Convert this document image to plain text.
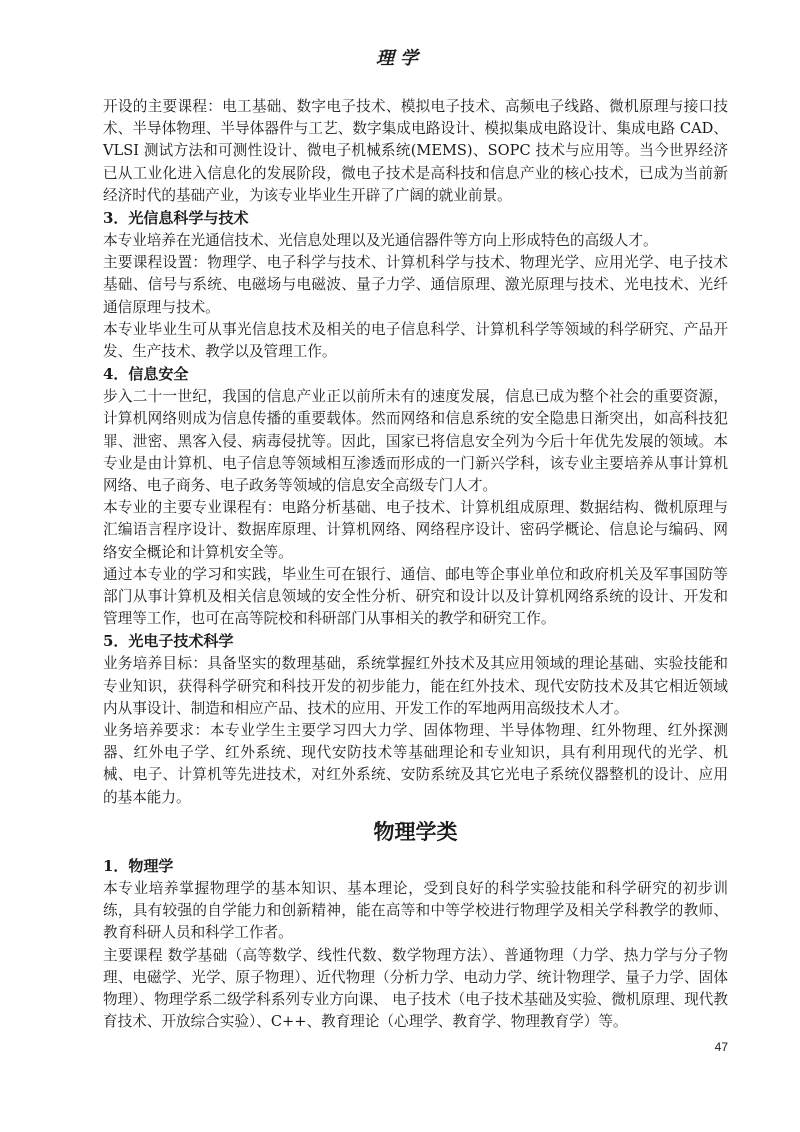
理学

开设的主要课程：电工基础、数字电子技术、模拟电子技术、高频电子线路、微机原理与接口技术、半导体物理、半导体器件与工艺、数字集成电路设计、模拟集成电路设计、集成电路 CAD、VLSI 测试方法和可测性设计、微电子机械系统(MEMS)、SOPC 技术与应用等。当今世界经济已从工业化进入信息化的发展阶段，微电子技术是高科技和信息产业的核心技术，已成为当前新经济时代的基础产业，为该专业毕业生开辟了广阔的就业前景。

3．光信息科学与技术

本专业培养在光通信技术、光信息处理以及光通信器件等方向上形成特色的高级人才。

主要课程设置：物理学、电子科学与技术、计算机科学与技术、物理光学、应用光学、电子技术基础、信号与系统、电磁场与电磁波、量子力学、通信原理、激光原理与技术、光电技术、光纤通信原理与技术。

本专业毕业生可从事光信息技术及相关的电子信息科学、计算机科学等领域的科学研究、产品开发、生产技术、教学以及管理工作。

4．信息安全

步入二十一世纪，我国的信息产业正以前所未有的速度发展，信息已成为整个社会的重要资源，计算机网络则成为信息传播的重要载体。然而网络和信息系统的安全隐患日渐突出，如高科技犯罪、泄密、黑客入侵、病毒侵扰等。因此，国家已将信息安全列为今后十年优先发展的领域。本专业是由计算机、电子信息等领域相互渗透而形成的一门新兴学科，该专业主要培养从事计算机网络、电子商务、电子政务等领域的信息安全高级专门人才。

本专业的主要专业课程有：电路分析基础、电子技术、计算机组成原理、数据结构、微机原理与汇编语言程序设计、数据库原理、计算机网络、网络程序设计、密码学概论、信息论与编码、网络安全概论和计算机安全等。

通过本专业的学习和实践，毕业生可在银行、通信、邮电等企事业单位和政府机关及军事国防等部门从事计算机及相关信息领域的安全性分析、研究和设计以及计算机网络系统的设计、开发和管理等工作，也可在高等院校和科研部门从事相关的教学和研究工作。

5．光电子技术科学

业务培养目标：具备坚实的数理基础，系统掌握红外技术及其应用领域的理论基础、实验技能和专业知识，获得科学研究和科技开发的初步能力，能在红外技术、现代安防技术及其它相近领域内从事设计、制造和相应产品、技术的应用、开发工作的军地两用高级技术人才。

业务培养要求：本专业学生主要学习四大力学、固体物理、半导体物理、红外物理、红外探测器、红外电子学、红外系统、现代安防技术等基础理论和专业知识，具有利用现代的光学、机械、电子、计算机等先进技术，对红外系统、安防系统及其它光电子系统仪器整机的设计、应用的基本能力。

物理学类
1．物理学

本专业培养掌握物理学的基本知识、基本理论，受到良好的科学实验技能和科学研究的初步训练，具有较强的自学能力和创新精神，能在高等和中等学校进行物理学及相关学科教学的教师、教育科研人员和科学工作者。

主要课程 数学基础（高等数学、线性代数、数学物理方法）、普通物理（力学、热力学与分子物理、电磁学、光学、原子物理）、近代物理（分析力学、电动力学、统计物理学、量子力学、固体物理）、物理学系二级学科系列专业方向课、 电子技术（电子技术基础及实验、微机原理、现代教育技术、开放综合实验）、C++、教育理论（心理学、教育学、物理教育学）等。

47
